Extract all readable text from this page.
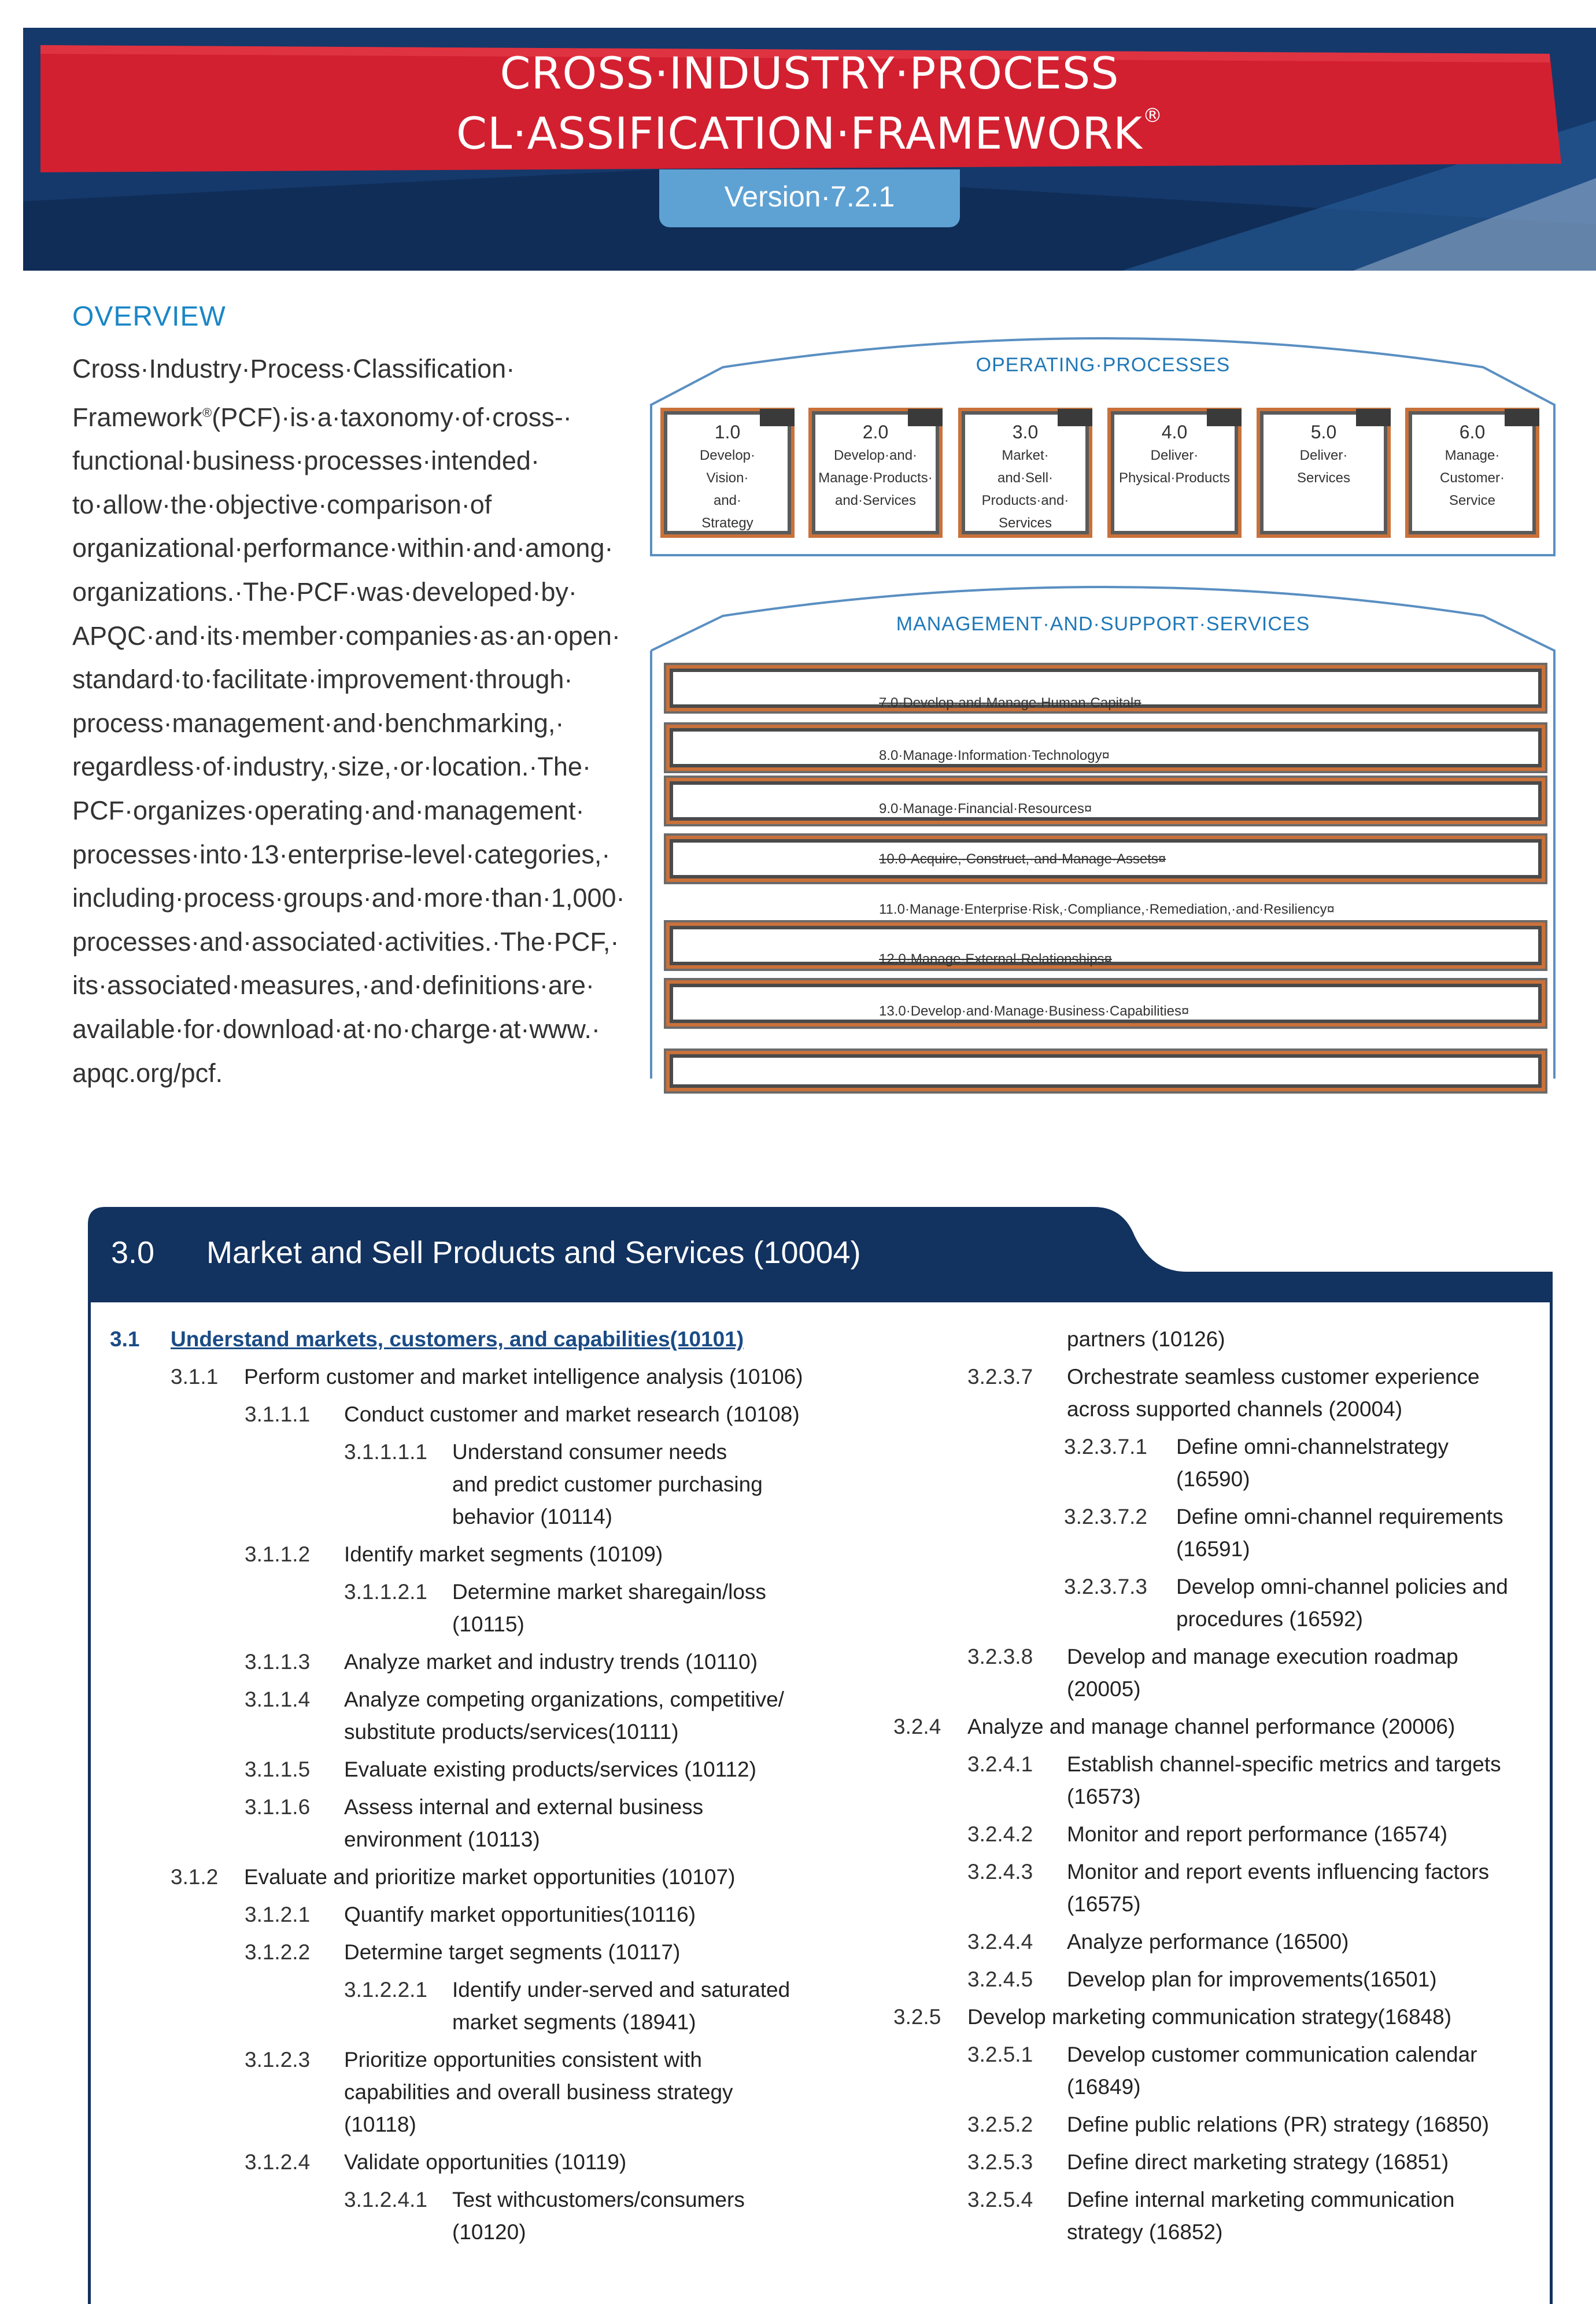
CROSS·INDUSTRY·PROCESS
CL·ASSIFICATION·FRAMEWORK®
Version·7.2.1
OVERVIEW
Cross·Industry·Process·Classification·
Framework®(PCF)·is·a·taxonomy·of·cross-·
functional·business·processes·intended·
to·allow·the·objective·comparison·of
organizational·performance·within·and·among·
organizations.·The·PCF·was·developed·by·
APQC·and·its·member·companies·as·an·open·
standard·to·facilitate·improvement·through·
process·management·and·benchmarking,·
regardless·of·industry,·size,·or·location.·The·
PCF·organizes·operating·and·management·
processes·into·13·enterprise-level·categories,·
including·process·groups·and·more·than·1,000·
processes·and·associated·activities.·The·PCF,·
its·associated·measures,·and·definitions·are·
available·for·download·at·no·charge·at·www.·
apqc.org/pcf.
OPERATING·PROCESSES
1.0
Develop·
Vision·
and·
Strategy
2.0
Develop·and·
Manage·Products·
and·Services
3.0
Market·
and·Sell·
Products·and·
Services
4.0
Deliver·
Physical·Products
5.0
Deliver·
Services
6.0
Manage·
Customer·
Service
MANAGEMENT·AND·SUPPORT·SERVICES
7.0·Develop·and·Manage·Human·Capital¤
8.0·Manage·Information·Technology¤
9.0·Manage·Financial·Resources¤
10.0·Acquire,·Construct,·and·Manage·Assets¤
11.0·Manage·Enterprise·Risk,·Compliance,·Remediation,·and·Resiliency¤
12.0·Manage·External·Relationships¤
13.0·Develop·and·Manage·Business·Capabilities¤
3.0 Market and Sell Products and Services (10004)
3.1	Understand markets, customers, and capabilities(10101)
3.1.1	Perform customer and market intelligence analysis (10106)
3.1.1.1	Conduct customer and market research (10108)
3.1.1.1.1	Understand consumer needs
and predict customer purchasing
behavior (10114)
3.1.1.2	Identify market segments (10109)
3.1.1.2.1	Determine market sharegain/loss
(10115)
3.1.1.3	Analyze market and industry trends (10110)
3.1.1.4	Analyze competing organizations, competitive/
substitute products/services(10111)
3.1.1.5	Evaluate existing products/services (10112)
3.1.1.6	Assess internal and external business
environment (10113)
3.1.2	Evaluate and prioritize market opportunities (10107)
3.1.2.1	Quantify market opportunities(10116)
3.1.2.2	Determine target segments (10117)
3.1.2.2.1	Identify under-served and saturated
market segments (18941)
3.1.2.3	Prioritize opportunities consistent with
capabilities and overall business strategy
(10118)
3.1.2.4	Validate opportunities (10119)
3.1.2.4.1	Test withcustomers/consumers
(10120)
partners (10126)
3.2.3.7	Orchestrate seamless customer experience
across supported channels (20004)
3.2.3.7.1	Define omni-channelstrategy
(16590)
3.2.3.7.2	Define omni-channel requirements
(16591)
3.2.3.7.3	Develop omni-channel policies and
procedures (16592)
3.2.3.8	Develop and manage execution roadmap
(20005)
3.2.4	Analyze and manage channel performance (20006)
3.2.4.1	Establish channel-specific metrics and targets
(16573)
3.2.4.2	Monitor and report performance (16574)
3.2.4.3	Monitor and report events influencing factors
(16575)
3.2.4.4	Analyze performance (16500)
3.2.4.5	Develop plan for improvements(16501)
3.2.5	Develop marketing communication strategy(16848)
3.2.5.1	Develop customer communication calendar
(16849)
3.2.5.2	Define public relations (PR) strategy (16850)
3.2.5.3	Define direct marketing strategy (16851)
3.2.5.4	Define internal marketing communication
strategy (16852)
